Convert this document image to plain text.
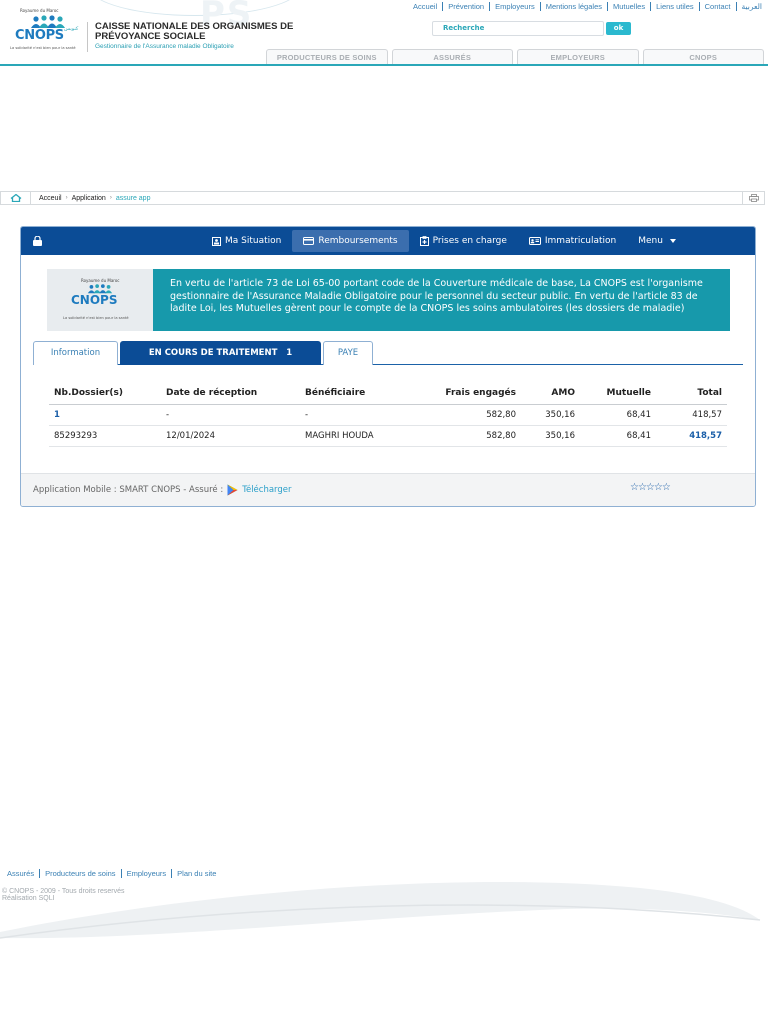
PS
Royaume du Maroc
CNOPS كنوبس
La solidarité n'est bien pour la santé
CAISSE NATIONALE DES ORGANISMES DE PRÉVOYANCE SOCIALE
Gestionnaire de l'Assurance maladie Obligatoire
Accueil	Prévention	Employeurs	Mentions légales	Mutuelles	Liens utiles	Contact	العربية
Recherche	ok
PRODUCTEURS DE SOINS	ASSURÉS	EMPLOYEURS	CNOPS
Acceuil › Application › assure app
Ma Situation	Remboursements	Prises en charge	Immatriculation Menu
Royaume du Maroc
CNOPS
La solidarité n'est bien pour la santé
En vertu de l'article 73 de Loi 65-00 portant code de la Couverture médicale de base, La CNOPS est l'organisme gestionnaire de l'Assurance Maladie Obligatoire pour le personnel du secteur public. En vertu de l'article 83 de ladite Loi, les Mutuelles gèrent pour le compte de la CNOPS les soins ambulatoires (les dossiers de maladie)
Information	EN COURS DE TRAITEMENT   1	PAYE
Nb.Dossier(s)	Date de réception	Bénéficiaire	Frais engagés	AMO	Mutuelle	Total
1	-	-	582,80	350,16	68,41	418,57
85293293	12/01/2024	MAGHRI HOUDA	582,80	350,16	68,41	418,57
Application Mobile : SMART CNOPS - Assuré : Télécharger	☆☆☆☆☆
Assurés	Producteurs de soins	Employeurs	Plan du site
© CNOPS - 2009 - Tous droits reservés
Réalisation SQLI
